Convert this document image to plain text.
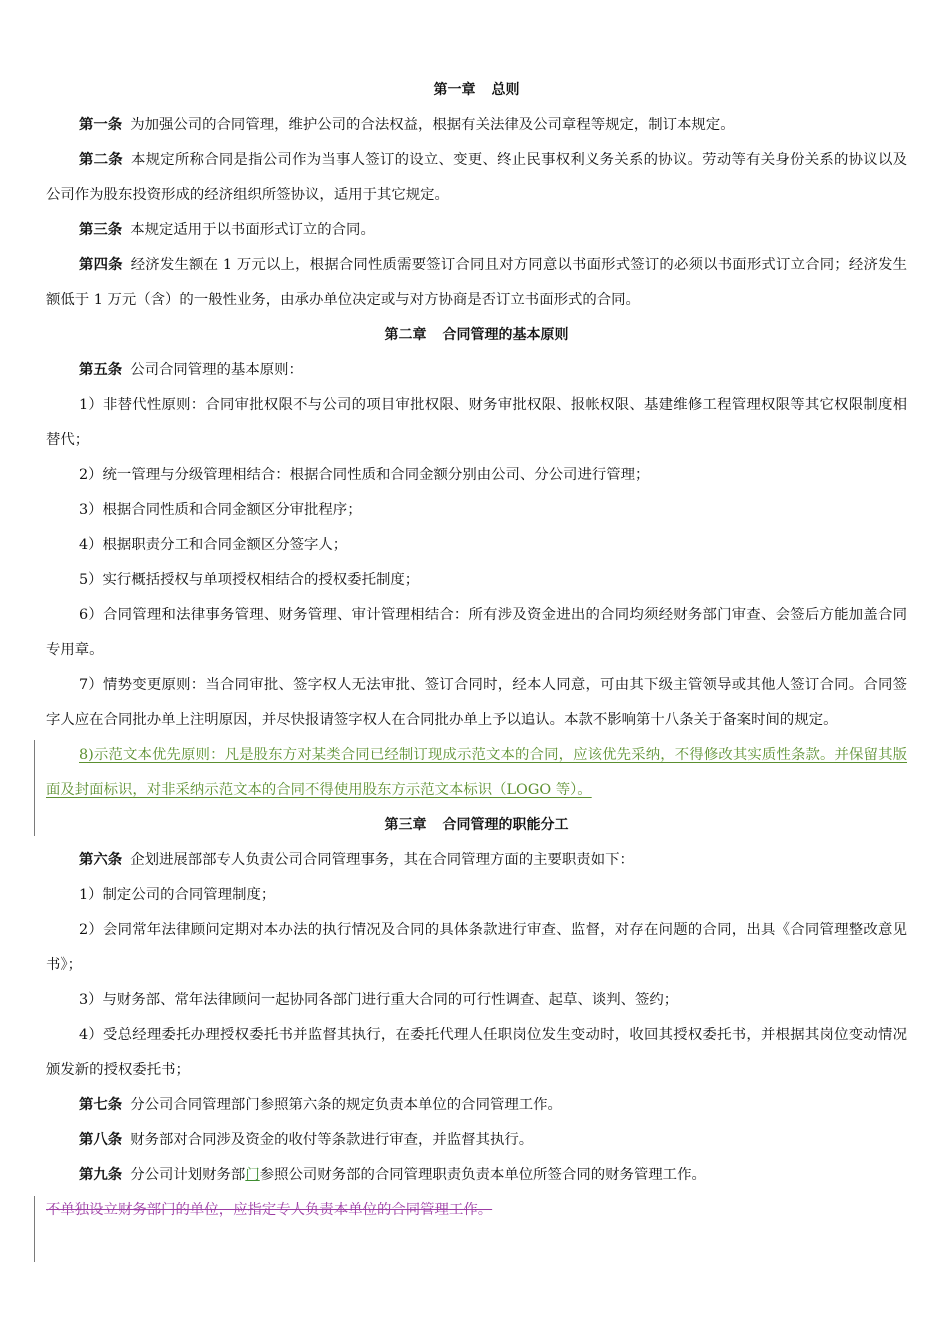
第一章 总则
第一条 为加强公司的合同管理，维护公司的合法权益，根据有关法律及公司章程等规定，制订本规定。
第二条 本规定所称合同是指公司作为当事人签订的设立、变更、终止民事权利义务关系的协议。劳动等有关身份关系的协议以及公司作为股东投资形成的经济组织所签协议，适用于其它规定。
第三条 本规定适用于以书面形式订立的合同。
第四条 经济发生额在 1 万元以上，根据合同性质需要签订合同且对方同意以书面形式签订的必须以书面形式订立合同；经济发生额低于 1 万元（含）的一般性业务，由承办单位决定或与对方协商是否订立书面形式的合同。
第二章 合同管理的基本原则
第五条 公司合同管理的基本原则：
1）非替代性原则：合同审批权限不与公司的项目审批权限、财务审批权限、报帐权限、基建维修工程管理权限等其它权限制度相替代；
2）统一管理与分级管理相结合：根据合同性质和合同金额分别由公司、分公司进行管理；
3）根据合同性质和合同金额区分审批程序；
4）根据职责分工和合同金额区分签字人；
5）实行概括授权与单项授权相结合的授权委托制度；
6）合同管理和法律事务管理、财务管理、审计管理相结合：所有涉及资金进出的合同均须经财务部门审查、会签后方能加盖合同专用章。
7）情势变更原则：当合同审批、签字权人无法审批、签订合同时，经本人同意，可由其下级主管领导或其他人签订合同。合同签字人应在合同批办单上注明原因，并尽快报请签字权人在合同批办单上予以追认。本款不影响第十八条关于备案时间的规定。
8)示范文本优先原则：凡是股东方对某类合同已经制订现成示范文本的合同，应该优先采纳，不得修改其实质性条款。并保留其版面及封面标识，对非采纳示范文本的合同不得使用股东方示范文本标识（LOGO 等）。
第三章 合同管理的职能分工
第六条 企划进展部部专人负责公司合同管理事务，其在合同管理方面的主要职责如下：
1）制定公司的合同管理制度；
2）会同常年法律顾问定期对本办法的执行情况及合同的具体条款进行审查、监督，对存在问题的合同，出具《合同管理整改意见书》；
3）与财务部、常年法律顾问一起协同各部门进行重大合同的可行性调查、起草、谈判、签约；
4）受总经理委托办理授权委托书并监督其执行，在委托代理人任职岗位发生变动时，收回其授权委托书，并根据其岗位变动情况颁发新的授权委托书；
第七条 分公司合同管理部门参照第六条的规定负责本单位的合同管理工作。
第八条 财务部对合同涉及资金的收付等条款进行审查，并监督其执行。
第九条 分公司计划财务部门参照公司财务部的合同管理职责负责本单位所签合同的财务管理工作。
不单独设立财务部门的单位，应指定专人负责本单位的合同管理工作。
